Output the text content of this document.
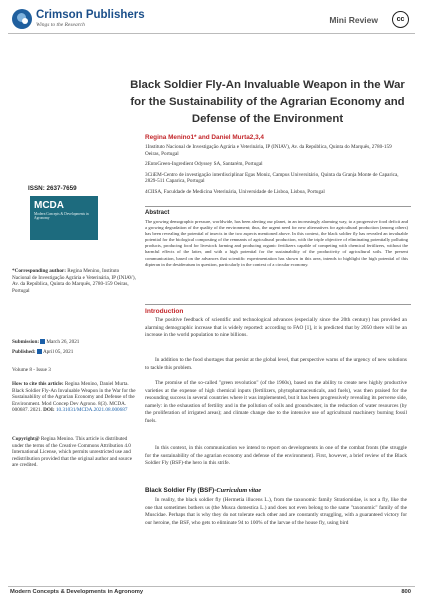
Crimson Publishers
Wings to the Research	Mini Review	cc
Black Soldier Fly-An Invaluable Weapon in the War for the Sustainability of the Agrarian Economy and Defense of the Environment
Regina Menino1* and Daniel Murta2,3,4

1Instituto Nacional de Investigação Agrária e Veterinária, IP (INIAV), Av. da República, Quinta do Marquês, 2780-159 Oeiras, Portugal

2EntoGreen-Ingredient Odyssey SA, Santarém, Portugal

3CiiEM-Centro de investigação interdisciplinar Egas Moniz, Campus Universitário, Quinta da Granja Monte de Caparica, 2829-511 Caparica, Portugal

4CIISA, Faculdade de Medicina Veterinária, Universidade de Lisboa, Lisboa, Portugal

Abstract

The growing demographic pressure, worldwide, has been alerting our planet, in an increasingly alarming way, to a progressive food deficit and a growing degradation of the quality of the environment; thus, the urgent need for new alternatives for agricultural production (among others) has been revealing the potential of insects in the two aspects mentioned above. In this context, the black soldier fly has revealed an invaluable potential for the biological composting of the remnants of agricultural production, with the triple objective of eliminating potentially polluting products, producing food for livestock farming and producing organic fertilizers capable of competing with chemical fertilizers, without the harmful effects of the latter, and with a high potential for the sustainability of the productivity of agricultural soils. The present communication, based on the advances that scientific experimentation has shown in this area, intends to highlight the high potential of this dipteran in the desideratum in question, particularly in the context of a circular economy.

Introduction

The positive feedback of scientific and technological advances (especially since the 20th century) has provided an alarming demographic increase that is widely reported: according to FAO [1], it is predicted that by 2050 there will be an increase in the world population to nine billions.

In addition to the food shortages that persist at the global level, that perspective warns of the urgency of new solutions to tackle this problem.

The promise of the so-called "green revolution" (of the 1960s), based on the ability to create new highly productive varieties at the expense of high chemical inputs (fertilizers, phytopharmaceuticals, and fuels), was then praised for the resounding success in several countries where it was implemented, but it has been progressively revealing its perverse side, namely: in the exhaustion of fertility and in the pollution of soils and groundwater, in the reduction of water resources (by the proliferation of irrigated areas); and climate change due to the intensive use of agricultural machinery burning fossil fuels.

In this context, in this communication we intend to report on developments in one of the combat fronts (the struggle for the sustainability of the agrarian economy and defense of the environment). First, however, a brief review of the Black Soldier Fly (BSF)-the hero in this strife.

Black Soldier Fly (BSF)-Curriculum vitae

In reality, the black soldier fly (Hermetia illucens L.), from the taxonomic family Stratiomidae, is not a fly, like the one that sometimes bothers us (the Musca domestica L.) and does not even belong to the same "taxonomic" family of the Muscidae. Perhaps that is why they do not tolerate each other and are constantly struggling, with a guaranteed victory for our heroine, the BSF, who gets to eliminate 94 to 100% of the larvae of the house fly, using bird

ISSN: 2637-7659
MCDA
Modern Concepts & Developments in Agronomy

*Corresponding author: Regina Menino, Instituto Nacional de Investigação Agrária e Veterinária, IP (INIAV), Av. da República, Quinta do Marquês, 2780-159 Oeiras, Portugal

Submission: March 26, 2021

Published: April 05, 2021

Volume 8 - Issue 3

How to cite this article: Regina Menino, Daniel Murta. Black Soldier Fly-An Invaluable Weapon in the War for the Sustainability of the Agrarian Economy and Defense of the Environment. Mod Concep Dev Agrono. 8(3). MCDA. 000687. 2021. DOI: 10.31031/MCDA.2021.08.000687

Copyright@ Regina Menino. This article is distributed under the terms of the Creative Commons Attribution 4.0 International License, which permits unrestricted use and redistribution provided that the original author and source are credited.

Modern Concepts & Developments in Agronomy	800
